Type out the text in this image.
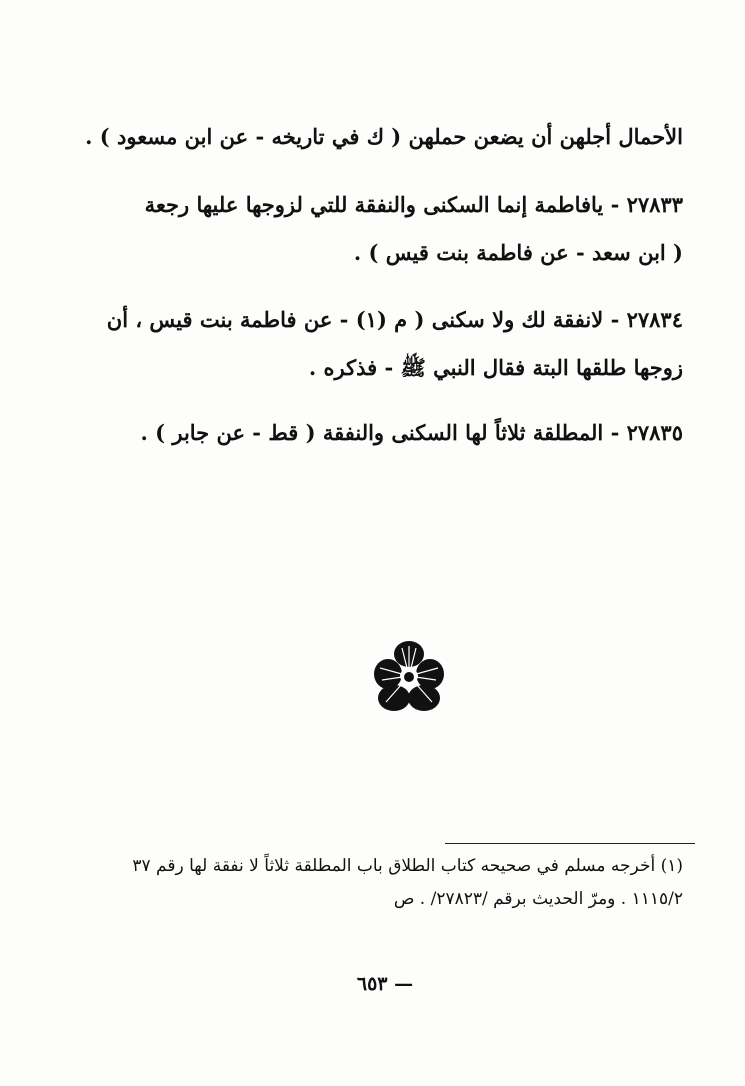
الأحمال أجلهن أن يضعن حملهن ( ك في تاريخه - عن ابن مسعود ) .
٢٧٨٣٣ - يافاطمة إنما السكنى والنفقة للتي لزوجها عليها رجعة
( ابن سعد - عن فاطمة بنت قيس ) .
٢٧٨٣٤ - لانفقة لك ولا سكنى ( م (١) - عن فاطمة بنت قيس ، أن
زوجها طلقها البتة فقال النبي ﷺ - فذكره .
٢٧٨٣٥ - المطلقة ثلاثاً لها السكنى والنفقة ( قط - عن جابر ) .
(١) أخرجه مسلم في صحيحه كتاب الطلاق باب المطلقة ثلاثاً لا نفقة لها رقم ٣٧
١١١٥/٢ . ومرّ الحديث برقم /٢٧٨٢٣/ . ص
— ٦٥٣
